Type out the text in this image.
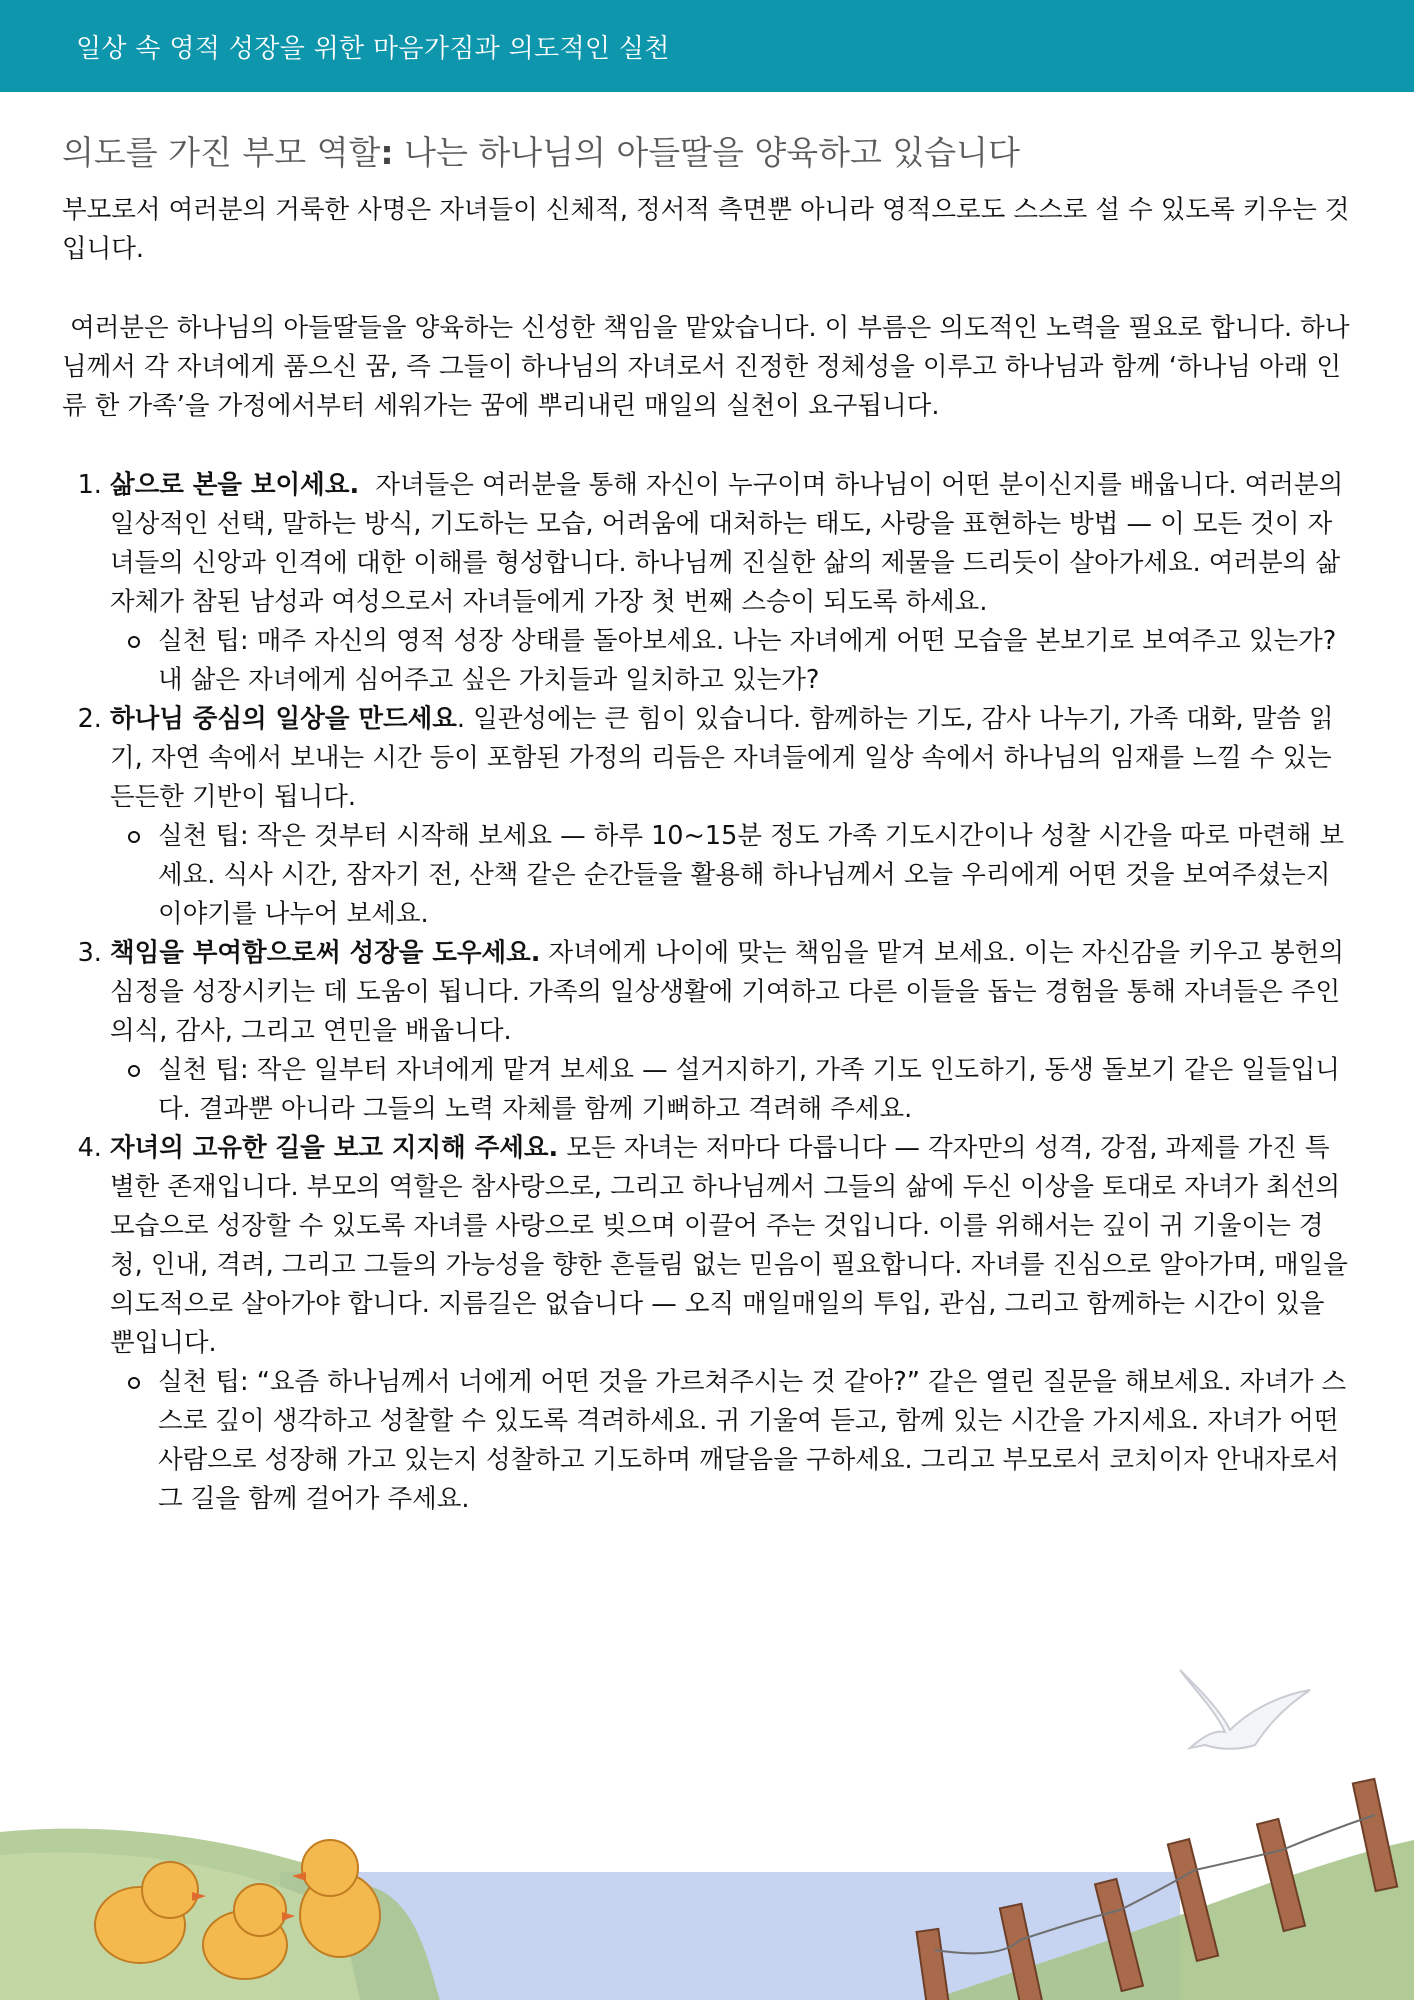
일상 속 영적 성장을 위한 마음가짐과 의도적인 실천
의도를 가진 부모 역할: 나는 하나님의 아들딸을 양육하고 있습니다

부모로서 여러분의 거룩한 사명은 자녀들이 신체적, 정서적 측면뿐 아니라 영적으로도 스스로 설 수 있도록 키우는 것입니다.

여러분은 하나님의 아들딸들을 양육하는 신성한 책임을 맡았습니다. 이 부름은 의도적인 노력을 필요로 합니다. 하나님께서 각 자녀에게 품으신 꿈, 즉 그들이 하나님의 자녀로서 진정한 정체성을 이루고 하나님과 함께 ‘하나님 아래 인류 한 가족’을 가정에서부터 세워가는 꿈에 뿌리내린 매일의 실천이 요구됩니다.

1. 삶으로 본을 보이세요.  자녀들은 여러분을 통해 자신이 누구이며 하나님이 어떤 분이신지를 배웁니다. 여러분의 일상적인 선택, 말하는 방식, 기도하는 모습, 어려움에 대처하는 태도, 사랑을 표현하는 방법 — 이 모든 것이 자녀들의 신앙과 인격에 대한 이해를 형성합니다. 하나님께 진실한 삶의 제물을 드리듯이 살아가세요. 여러분의 삶 자체가 참된 남성과 여성으로서 자녀들에게 가장 첫 번째 스승이 되도록 하세요.
실천 팁: 매주 자신의 영적 성장 상태를 돌아보세요. 나는 자녀에게 어떤 모습을 본보기로 보여주고 있는가? 내 삶은 자녀에게 심어주고 싶은 가치들과 일치하고 있는가?
2. 하나님 중심의 일상을 만드세요. 일관성에는 큰 힘이 있습니다. 함께하는 기도, 감사 나누기, 가족 대화, 말씀 읽기, 자연 속에서 보내는 시간 등이 포함된 가정의 리듬은 자녀들에게 일상 속에서 하나님의 임재를 느낄 수 있는 든든한 기반이 됩니다.
실천 팁: 작은 것부터 시작해 보세요 — 하루 10~15분 정도 가족 기도시간이나 성찰 시간을 따로 마련해 보세요. 식사 시간, 잠자기 전, 산책 같은 순간들을 활용해 하나님께서 오늘 우리에게 어떤 것을 보여주셨는지 이야기를 나누어 보세요.
3. 책임을 부여함으로써 성장을 도우세요. 자녀에게 나이에 맞는 책임을 맡겨 보세요. 이는 자신감을 키우고 봉헌의 심정을 성장시키는 데 도움이 됩니다. 가족의 일상생활에 기여하고 다른 이들을 돕는 경험을 통해 자녀들은 주인의식, 감사, 그리고 연민을 배웁니다.
실천 팁: 작은 일부터 자녀에게 맡겨 보세요 — 설거지하기, 가족 기도 인도하기, 동생 돌보기 같은 일들입니다. 결과뿐 아니라 그들의 노력 자체를 함께 기뻐하고 격려해 주세요.
4. 자녀의 고유한 길을 보고 지지해 주세요. 모든 자녀는 저마다 다릅니다 — 각자만의 성격, 강점, 과제를 가진 특별한 존재입니다. 부모의 역할은 참사랑으로, 그리고 하나님께서 그들의 삶에 두신 이상을 토대로 자녀가 최선의 모습으로 성장할 수 있도록 자녀를 사랑으로 빚으며 이끌어 주는 것입니다. 이를 위해서는 깊이 귀 기울이는 경청, 인내, 격려, 그리고 그들의 가능성을 향한 흔들림 없는 믿음이 필요합니다. 자녀를 진심으로 알아가며, 매일을 의도적으로 살아가야 합니다. 지름길은 없습니다 — 오직 매일매일의 투입, 관심, 그리고 함께하는 시간이 있을 뿐입니다.
실천 팁: “요즘 하나님께서 너에게 어떤 것을 가르쳐주시는 것 같아?” 같은 열린 질문을 해보세요. 자녀가 스스로 깊이 생각하고 성찰할 수 있도록 격려하세요. 귀 기울여 듣고, 함께 있는 시간을 가지세요. 자녀가 어떤 사람으로 성장해 가고 있는지 성찰하고 기도하며 깨달음을 구하세요. 그리고 부모로서 코치이자 안내자로서 그 길을 함께 걸어가 주세요.
